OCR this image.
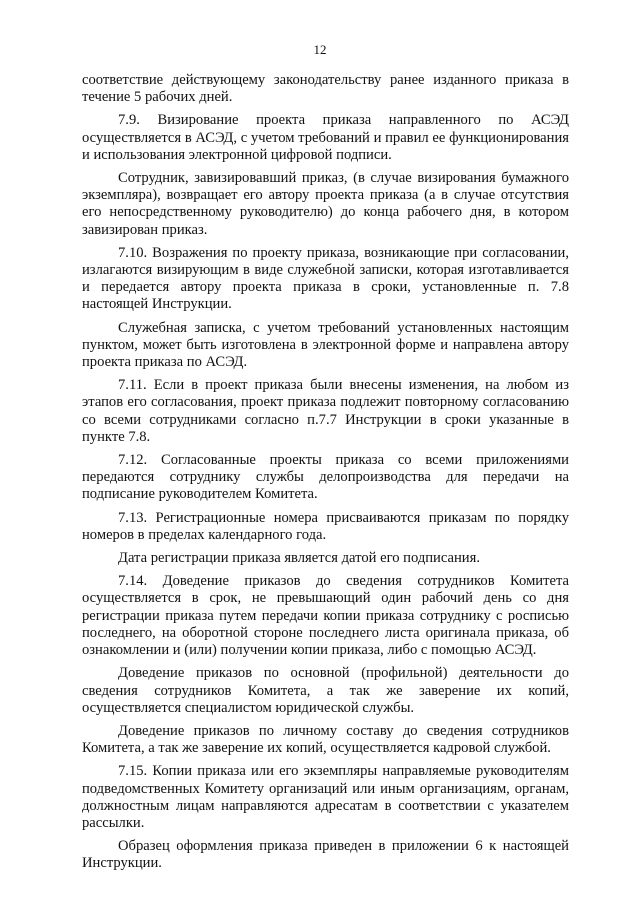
12

соответствие действующему законодательству ранее изданного приказа в течение 5 рабочих дней.

7.9. Визирование проекта приказа направленного по АСЭД осуществляется в АСЭД, с учетом требований и правил ее функционирования и использования электронной цифровой подписи.

Сотрудник, завизировавший приказ, (в случае визирования бумажного экземпляра), возвращает его автору проекта приказа (а в случае отсутствия его непосредственному руководителю) до конца рабочего дня, в котором завизирован приказ.

7.10. Возражения по проекту приказа, возникающие при согласовании, излагаются визирующим в виде служебной записки, которая изготавливается и передается автору проекта приказа в сроки, установленные п. 7.8 настоящей Инструкции.

Служебная записка, с учетом требований установленных настоящим пунктом, может быть изготовлена в электронной форме и направлена автору проекта приказа по АСЭД.

7.11. Если в проект приказа были внесены изменения, на любом из этапов его согласования, проект приказа подлежит повторному согласованию со всеми сотрудниками согласно п.7.7 Инструкции в сроки указанные в пункте 7.8.

7.12. Согласованные проекты приказа со всеми приложениями передаются сотруднику службы делопроизводства для передачи на подписание руководителем Комитета.

7.13. Регистрационные номера присваиваются приказам по порядку номеров в пределах календарного года.

Дата регистрации приказа является датой его подписания.

7.14. Доведение приказов до сведения сотрудников Комитета осуществляется в срок, не превышающий один рабочий день со дня регистрации приказа путем передачи копии приказа сотруднику с росписью последнего, на оборотной стороне последнего листа оригинала приказа, об ознакомлении и (или) получении копии приказа, либо с помощью АСЭД.

Доведение приказов по основной (профильной) деятельности до сведения сотрудников Комитета, а так же заверение их копий, осуществляется специалистом юридической службы.

Доведение приказов по личному составу до сведения сотрудников Комитета, а так же заверение их копий, осуществляется кадровой службой.

7.15. Копии приказа или его экземпляры направляемые руководителям подведомственных Комитету организаций или иным организациям, органам, должностным лицам направляются адресатам в соответствии с указателем рассылки.

Образец оформления приказа приведен в приложении 6 к настоящей Инструкции.
